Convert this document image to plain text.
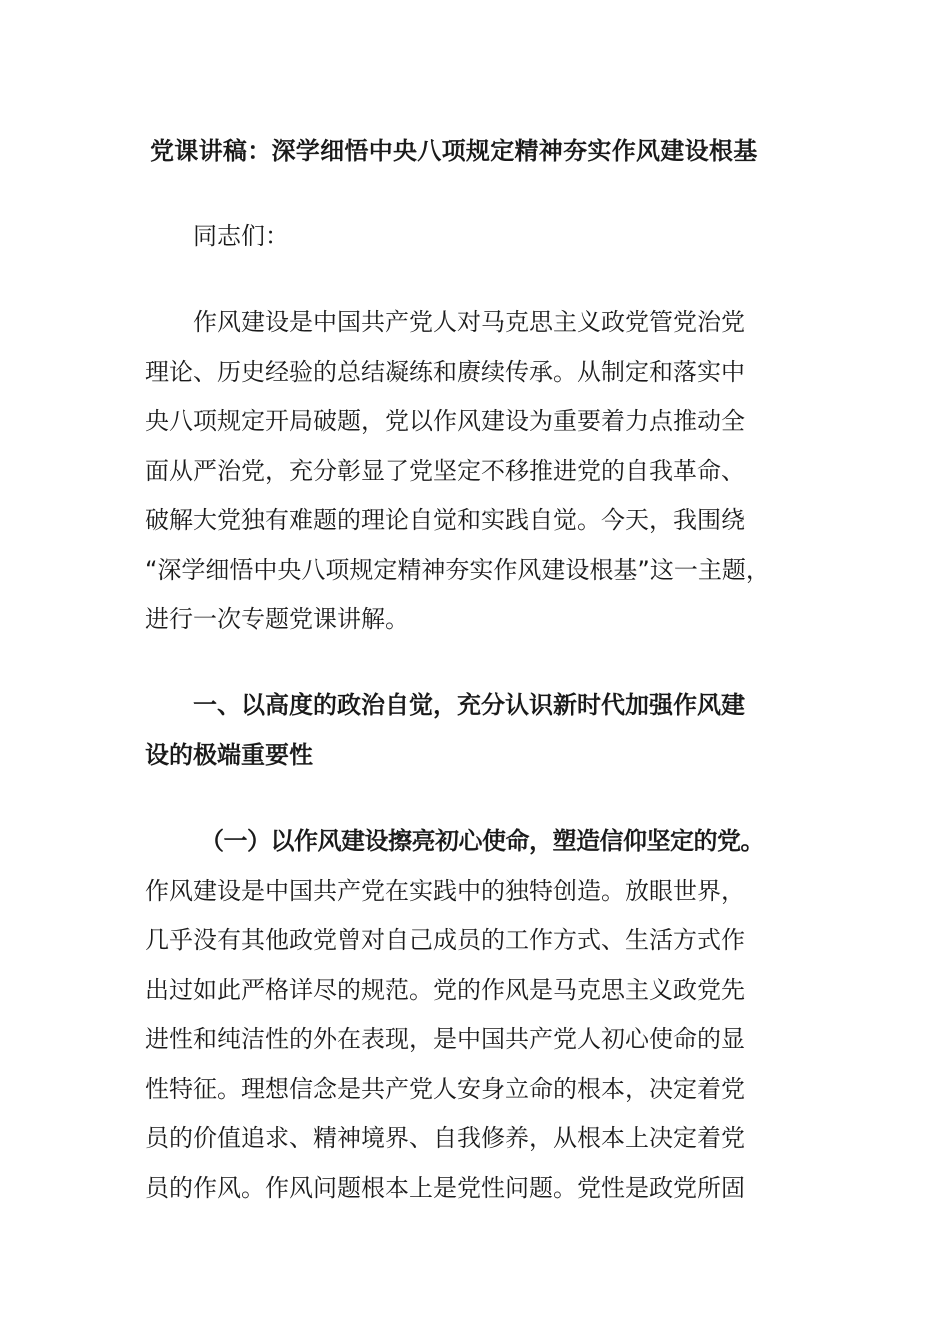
党课讲稿：深学细悟中央八项规定精神夯实作风建设根基
同志们：
作风建设是中国共产党人对马克思主义政党管党治党
理论、历史经验的总结凝练和赓续传承。从制定和落实中
央八项规定开局破题，党以作风建设为重要着力点推动全
面从严治党，充分彰显了党坚定不移推进党的自我革命、
破解大党独有难题的理论自觉和实践自觉。今天，我围绕
“深学细悟中央八项规定精神夯实作风建设根基”这一主题，
进行一次专题党课讲解。
一、以高度的政治自觉，充分认识新时代加强作风建
设的极端重要性
（一）以作风建设擦亮初心使命，塑造信仰坚定的党。
作风建设是中国共产党在实践中的独特创造。放眼世界，
几乎没有其他政党曾对自己成员的工作方式、生活方式作
出过如此严格详尽的规范。党的作风是马克思主义政党先
进性和纯洁性的外在表现，是中国共产党人初心使命的显
性特征。理想信念是共产党人安身立命的根本，决定着党
员的价值追求、精神境界、自我修养，从根本上决定着党
员的作风。作风问题根本上是党性问题。党性是政党所固
